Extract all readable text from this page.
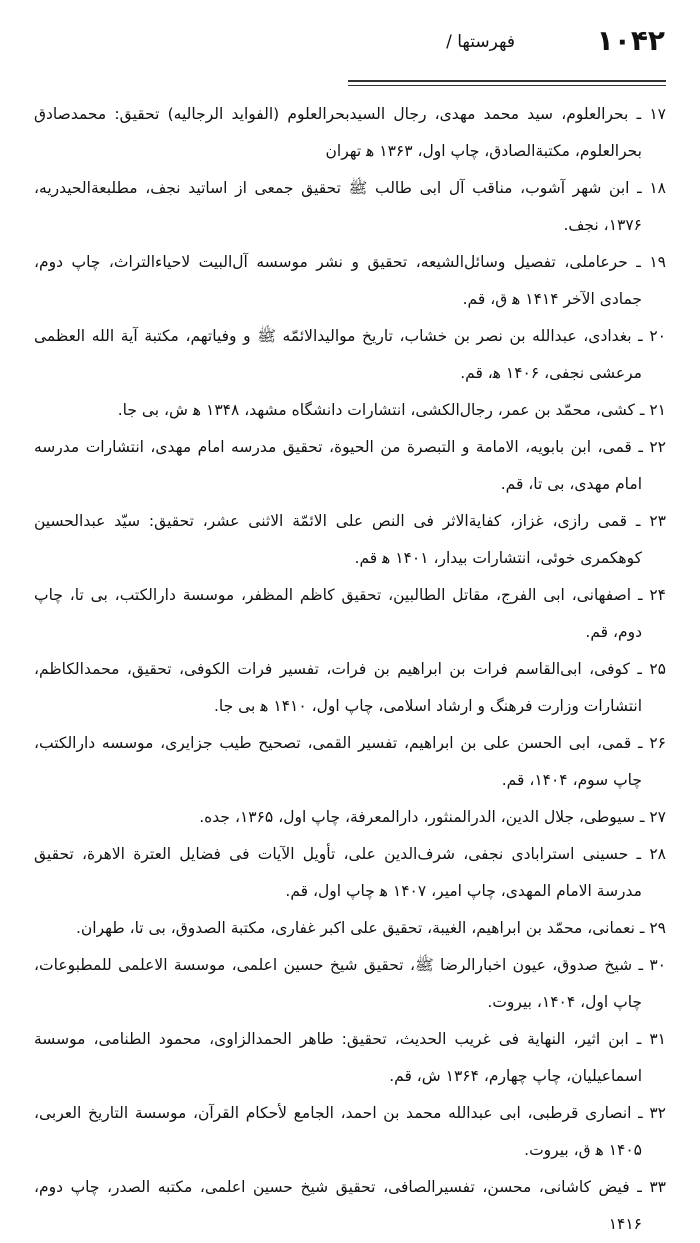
۱۰۴۲
فهرستها /

۱۷ ـ بحرالعلوم، سید محمد مهدی، رجال السیدبحرالعلوم (الفواید الرجالیه) تحقیق: محمدصادق بحرالعلوم، مکتبة‌الصادق، چاپ اول، ۱۳۶۳ ﻫ تهران

۱۸ ـ ابن شهر آشوب، مناقب آل ابی طالب ﷺ تحقیق جمعی از اساتید نجف، مطلبعة‌الحیدریه، ۱۳۷۶، نجف.

۱۹ ـ حرعاملی، تفصیل وسائل‌الشیعه، تحقیق و نشر موسسه آل‌البیت لاحیاءالتراث، چاپ دوم، جمادی الآخر ۱۴۱۴ ﻫ ق، قم.

۲۰ ـ بغدادی، عبدالله بن نصر بن خشاب، تاریخ موالیدالائمّه ﷺ و وفیاتهم، مکتبة آیة الله العظمی مرعشی نجفی، ۱۴۰۶ ﻫ، قم.

۲۱ ـ کشی، محمّد بن عمر، رجال‌الکشی، انتشارات دانشگاه مشهد، ۱۳۴۸ ﻫ ش، بی جا.

۲۲ ـ قمی، ابن بابویه، الامامة و التبصرة من الحیوة، تحقیق مدرسه امام مهدی، انتشارات مدرسه امام مهدی، بی تا، قم.

۲۳ ـ قمی رازی، غزاز، کفایة‌الاثر فی النص علی الائمّة الاثنی عشر، تحقیق: سیّد عبدالحسین کوهکمری خوئی، انتشارات بیدار، ۱۴۰۱ ﻫ قم.

۲۴ ـ اصفهانی، ابی الفرج، مقاتل الطالبین، تحقیق کاظم المظفر، موسسة دارالکتب، بی تا، چاپ دوم، قم.

۲۵ ـ کوفی، ابی‌القاسم فرات بن ابراهیم بن فرات، تفسیر فرات الکوفی، تحقیق، محمدالکاظم، انتشارات وزارت فرهنگ و ارشاد اسلامی، چاپ اول، ۱۴۱۰ ﻫ بی جا.

۲۶ ـ قمی، ابی الحسن علی بن ابراهیم، تفسیر القمی، تصحیح طیب جزایری، موسسه دارالکتب، چاپ سوم، ۱۴۰۴، قم.

۲۷ ـ سیوطی، جلال الدین، الدرالمنثور، دارالمعرفة، چاپ اول، ۱۳۶۵، جده.

۲۸ ـ حسینی استرابادی نجفی، شرف‌الدین علی، تأویل الآیات فی فضایل العترة الاهرة، تحقیق مدرسة الامام المهدی، چاپ امیر، ۱۴۰۷ ﻫ چاپ اول، قم.

۲۹ ـ نعمانی، محمّد بن ابراهیم، الغیبة، تحقیق علی اکبر غفاری، مکتبة الصدوق، بی تا، طهران.

۳۰ ـ شیخ صدوق، عیون اخبارالرضا ﷺ، تحقیق شیخ حسین اعلمی، موسسة الاعلمی للمطبوعات، چاپ اول، ۱۴۰۴، بیروت.

۳۱ ـ ابن اثیر، النهایة فی غریب الحدیث، تحقیق: طاهر الحمدالزاوی، محمود الطنامی، موسسة اسماعیلیان، چاپ چهارم، ۱۳۶۴ ش، قم.

۳۲ ـ انصاری قرطبی، ابی عبدالله محمد بن احمد، الجامع لأحکام القرآن، موسسة التاریخ العربی، ۱۴۰۵ ﻫ ق، بیروت.

۳۳ ـ فیض کاشانی، محسن، تفسیرالصافی، تحقیق شیخ حسین اعلمی، مکتبه الصدر، چاپ دوم، ۱۴۱۶
